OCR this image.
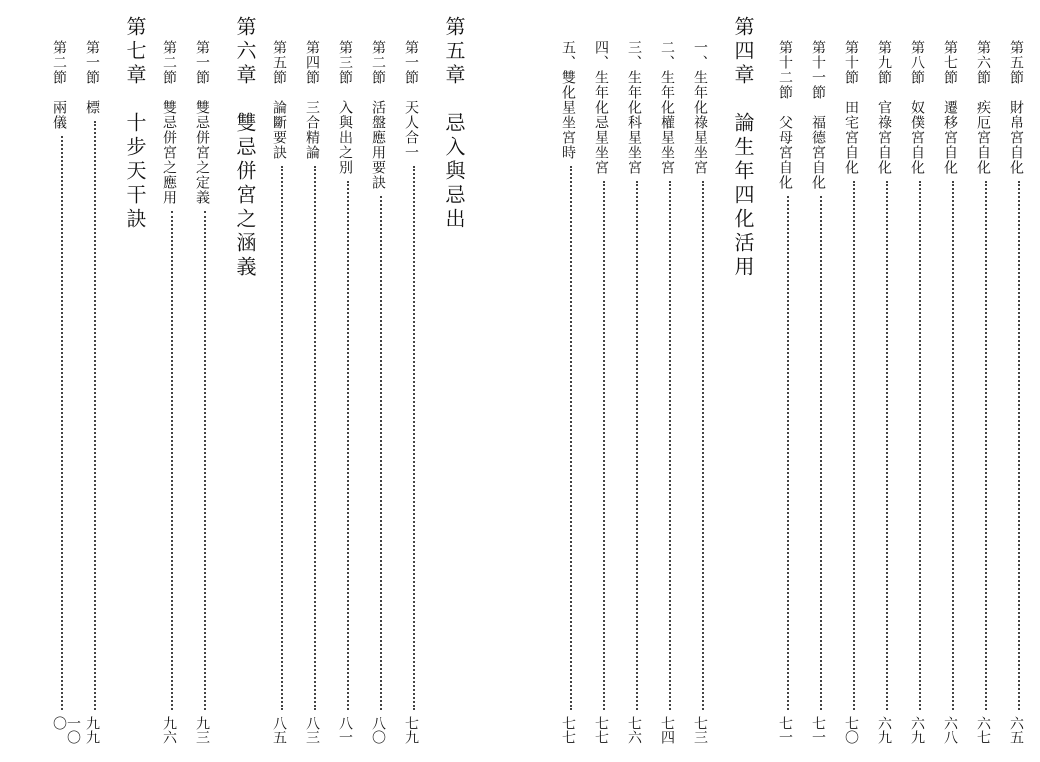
第五節　財帛宮自化
六五
第六節　疾厄宮自化
六七
第七節　遷移宮自化
六八
第八節　奴僕宮自化
六九
第九節　官祿宮自化
六九
第十節　田宅宮自化
七〇
第十一節　福德宮自化
七一
第十二節　父母宮自化
七一
第四章　論生年四化活用
一、生年化祿星坐宮
七三
二、生年化權星坐宮
七四
三、生年化科星坐宮
七六
四、生年化忌星坐宮
七七
五、雙化星坐宮時
七七
第五章　忌入與忌出
第一節　天人合一
七九
第二節　活盤應用要訣
八〇
第三節　入與出之別
八一
第四節　三合精論
八三
第五節　論斷要訣
八五
第六章　雙忌併宮之涵義
第一節　雙忌併宮之定義
九三
第二節　雙忌併宮之應用
九六
第七章　十步天干訣
第一節　標
九九
第二節　兩儀
一〇〇
